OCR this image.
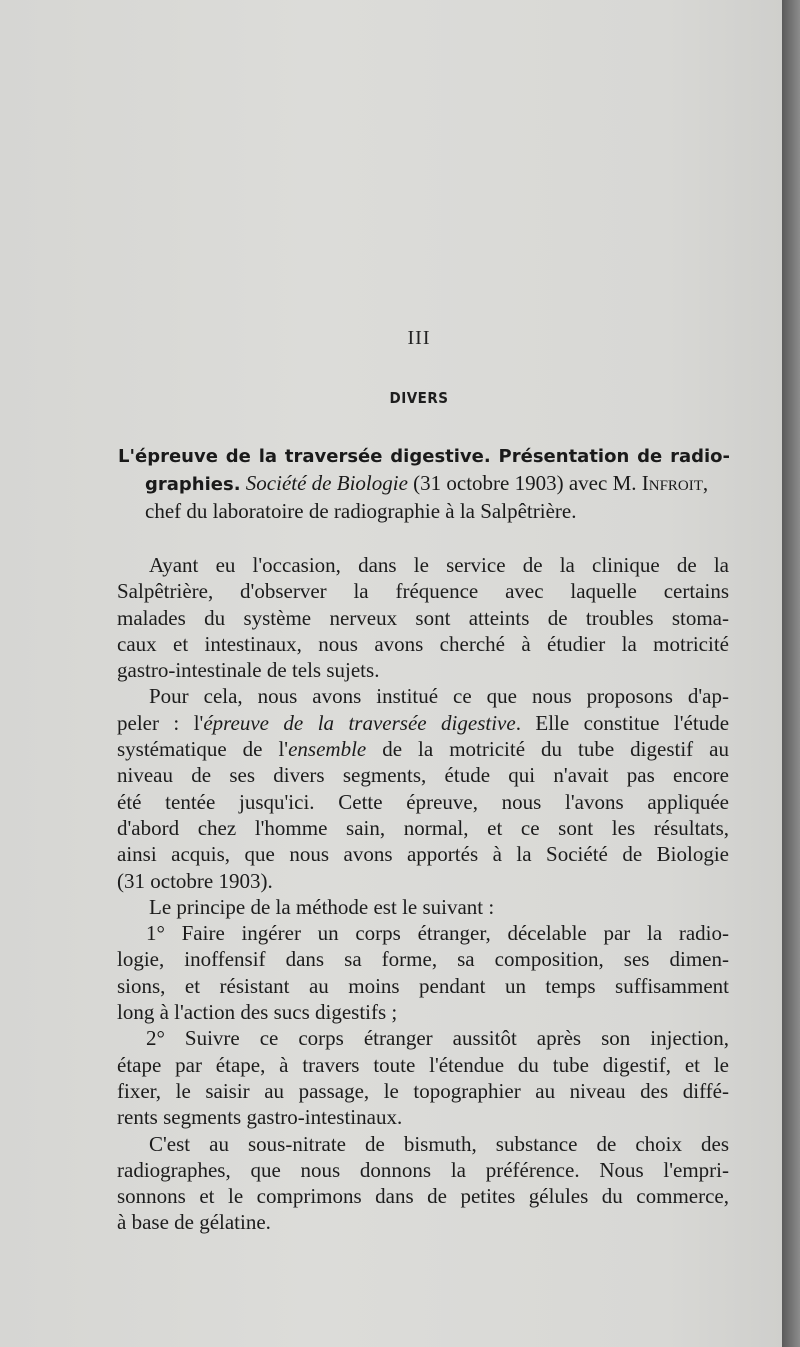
III
DIVERS
L'épreuve de la traversée digestive. Présentation de radio-
graphies. Société de Biologie (31 octobre 1903) avec M. Infroit,
chef du laboratoire de radiographie à la Salpêtrière.
Ayant eu l'occasion, dans le service de la clinique de la
Salpêtrière, d'observer la fréquence avec laquelle certains
malades du système nerveux sont atteints de troubles stoma-
caux et intestinaux, nous avons cherché à étudier la motricité
gastro-intestinale de tels sujets.
Pour cela, nous avons institué ce que nous proposons d'ap-
peler : l'épreuve de la traversée digestive. Elle constitue l'étude
systématique de l'ensemble de la motricité du tube digestif au
niveau de ses divers segments, étude qui n'avait pas encore
été tentée jusqu'ici. Cette épreuve, nous l'avons appliquée
d'abord chez l'homme sain, normal, et ce sont les résultats,
ainsi acquis, que nous avons apportés à la Société de Biologie
(31 octobre 1903).
Le principe de la méthode est le suivant :
1° Faire ingérer un corps étranger, décelable par la radio-
logie, inoffensif dans sa forme, sa composition, ses dimen-
sions, et résistant au moins pendant un temps suffisamment
long à l'action des sucs digestifs ;
2° Suivre ce corps étranger aussitôt après son injection,
étape par étape, à travers toute l'étendue du tube digestif, et le
fixer, le saisir au passage, le topographier au niveau des diffé-
rents segments gastro-intestinaux.
C'est au sous-nitrate de bismuth, substance de choix des
radiographes, que nous donnons la préférence. Nous l'empri-
sonnons et le comprimons dans de petites gélules du commerce,
à base de gélatine.
